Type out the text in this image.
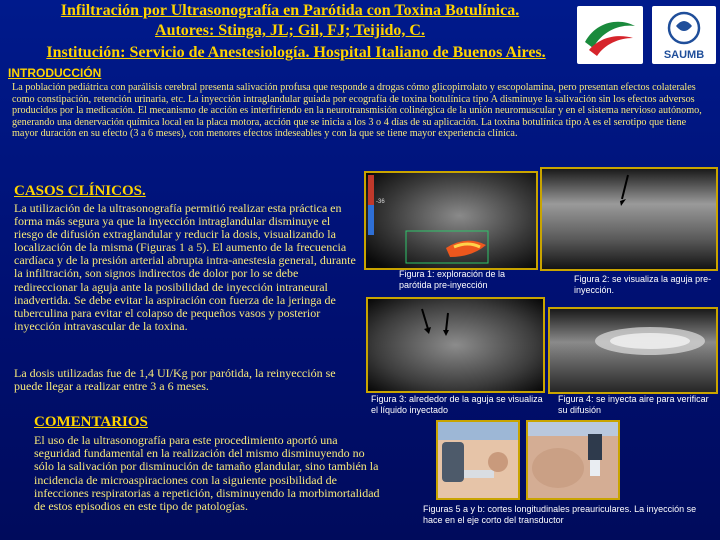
Infiltración por Ultrasonografía en Parótida con Toxina Botulínica.
Autores: Stinga, JL; Gil, FJ; Teijido, C.
Institución: Servicio de Anestesiología. Hospital Italiano de Buenos Aires.	SAUMB
INTRODUCCIÓN
La población pediátrica con parálisis cerebral presenta salivación profusa que responde a drogas cómo glicopirrolato y escopolamina, pero presentan efectos colaterales como constipación, retención urinaria, etc. La inyección intraglandular guiada por ecografía de toxina botulínica tipo A disminuye la salivación sin los efectos adversos producidos por la medicación. El mecanismo de acción es interfiriendo en la neurotransmisión colinérgica de la unión neuromuscular y en el sistema nervioso autónomo, generando una denervación química local en la placa motora, acción que se inicia a los 3 o 4 días de su aplicación. La toxina botulínica tipo A es el serotipo que tiene mayor duración en su efecto (3 a 6 meses), con menores efectos indeseables y con la que se tiene mayor experiencia clínica.
CASOS CLÍNICOS.
La utilización de la ultrasonografía permitió realizar esta práctica en forma más segura ya que la inyección intraglandular disminuye el riesgo de difusión extraglandular y reducir la dosis, visualizando la localización de la misma (Figuras 1 a 5). El aumento de la frecuencia cardíaca y de la presión arterial abrupta intra-anestesia general, durante la infiltración, son signos indirectos de dolor por lo se debe redireccionar la aguja ante la posibilidad de inyección intraneural inadvertida. Se debe evitar la aspiración con fuerza de la jeringa de tuberculina para evitar el colapso de pequeños vasos y posterior inyección intravascular de la toxina.
La dosis utilizadas fue de 1,4 UI/Kg por parótida, la reinyección se puede llegar a realizar entre 3 a 6 meses.
COMENTARIOS
El uso de la ultrasonografía para este procedimiento aportó una seguridad fundamental en la realización del mismo disminuyendo no sólo la salivación por disminución de tamaño glandular, sino también la incidencia de microaspiraciones con la siguiente posibilidad de infecciones respiratorias a repetición, disminuyendo la morbimortalidad de estos episodios en este tipo de patologías.
-36
Figura 1: exploración de la parótida pre-inyección
Figura 2: se visualiza la aguja pre-inyección.
Figura 3: alrededor de la aguja se visualiza el líquido inyectado
Figura 4: se inyecta aire para verificar su difusión
Figuras 5 a y b: cortes longitudinales preauriculares. La inyección se hace en el eje corto del transductor
